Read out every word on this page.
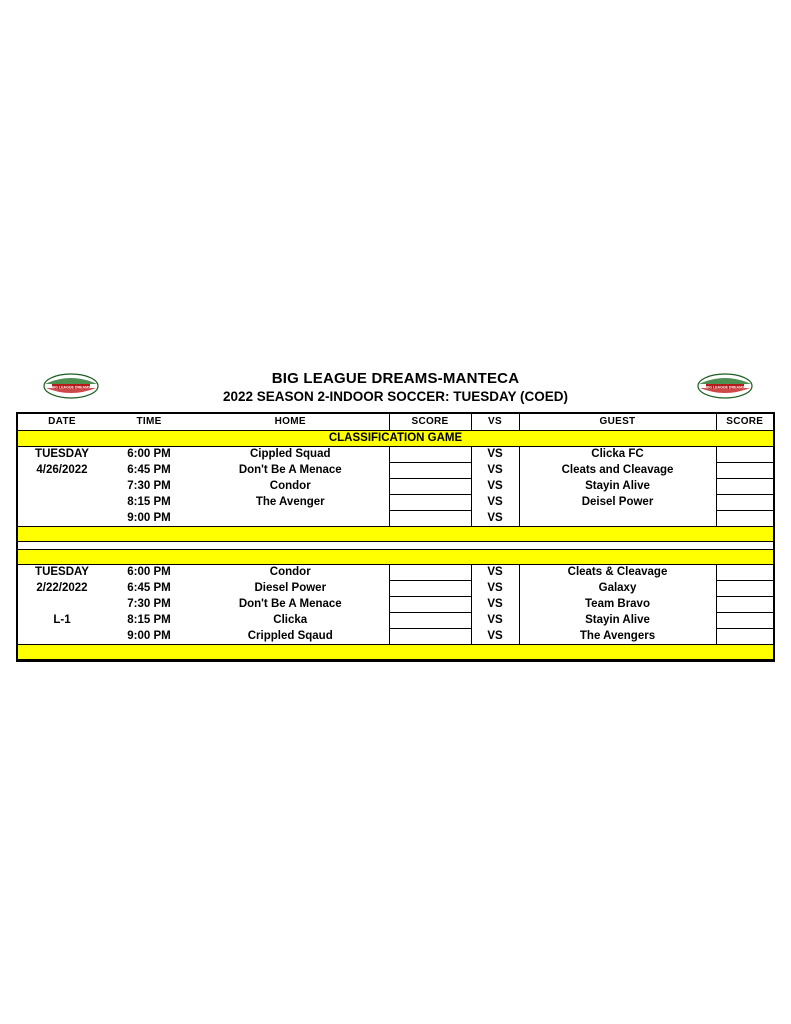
BIG LEAGUE DREAMS	BIG LEAGUE DREAMS
BIG LEAGUE DREAMS-MANTECA
2022 SEASON 2-INDOOR SOCCER: TUESDAY (COED)
DATE	TIME	HOME	SCORE	VS	GUEST	SCORE
CLASSIFICATION GAME						
TUESDAY	6:00 PM	Cippled Squad		VS	Clicka FC	
4/26/2022	6:45 PM	Don't Be A Menace		VS	Cleats and Cleavage	
	7:30 PM	Condor		VS	Stayin Alive	
	8:15 PM	The Avenger		VS	Deisel Power	
	9:00 PM			VS		

TUESDAY	6:00 PM	Condor		VS	Cleats & Cleavage	
2/22/2022	6:45 PM	Diesel Power		VS	Galaxy	
	7:30 PM	Don't Be A Menace		VS	Team Bravo	
L-1	8:15 PM	Clicka		VS	Stayin Alive	
	9:00 PM	Crippled Sqaud		VS	The Avengers	
